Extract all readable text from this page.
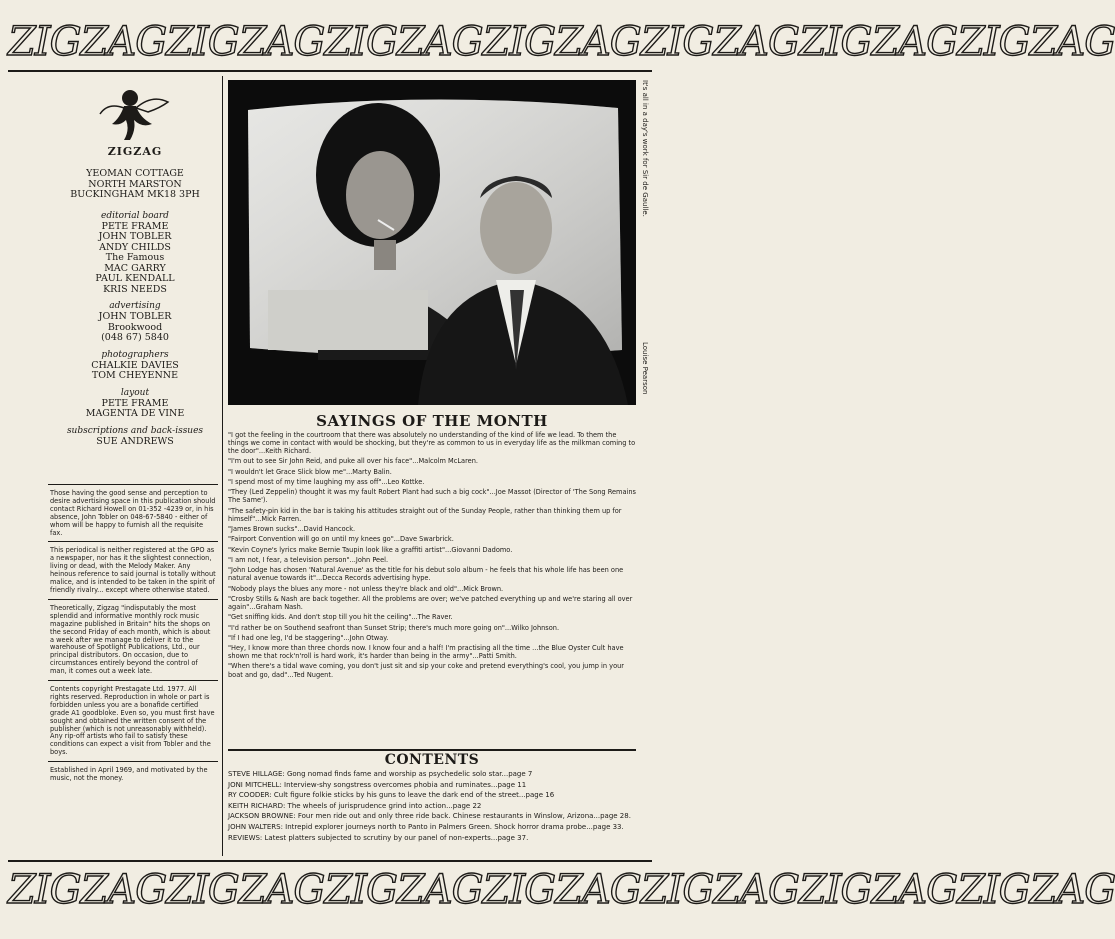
ZIGZAGZIGZAGZIGZAGZIGZAGZIGZAGZIGZAGZIGZAG
ZIGZAG
YEOMAN COTTAGE
NORTH MARSTON
BUCKINGHAM MK18 3PH
editorial board
PETE FRAME
JOHN TOBLER
ANDY CHILDS
The Famous
MAC GARRY
PAUL KENDALL
KRIS NEEDS
advertising
JOHN TOBLER
Brookwood
(048 67) 5840
photographers
CHALKIE DAVIES
TOM CHEYENNE
layout
PETE FRAME
MAGENTA DE VINE
subscriptions and back-issues
SUE ANDREWS
Those having the good sense and perception to desire advertising space in this publication should contact Richard Howell on 01-352 -4239 or, in his absence, John Tobler on 048-67-5840 - either of whom will be happy to furnish all the requisite fax.
This periodical is neither registered at the GPO as a newspaper, nor has it the slightest connection, living or dead, with the Melody Maker. Any heinous reference to said journal is totally without malice, and is intended to be taken in the spirit of friendly rivalry... except where otherwise stated.
Theoretically, Zigzag "indisputably the most splendid and informative monthly rock music magazine published in Britain" hits the shops on the second Friday of each month, which is about a week after we manage to deliver it to the warehouse of Spotlight Publications, Ltd., our principal distributors. On occasion, due to circumstances entirely beyond the control of man, it comes out a week late.
Contents copyright Prestagate Ltd. 1977. All rights reserved. Reproduction in whole or part is forbidden unless you are a bonafide certified grade A1 goodbloke. Even so, you must first have sought and obtained the written consent of the publisher (which is not unreasonably withheld). Any rip-off artists who fail to satisfy these conditions can expect a visit from Tobler and the boys.
Established in April 1969, and motivated by the music, not the money.
It's all in a day's work for Sir de Gaulle.
Louise Pearson
SAYINGS OF THE MONTH

"I got the feeling in the courtroom that there was absolutely no understanding of the kind of life we lead. To them the things we come in contact with would be shocking, but they're as common to us in everyday life as the milkman coming to the door"...Keith Richard.

"I'm out to see Sir John Reid, and puke all over his face"...Malcolm McLaren.

"I wouldn't let Grace Slick blow me"...Marty Balin.

"I spend most of my time laughing my ass off"...Leo Kottke.

"They (Led Zeppelin) thought it was my fault Robert Plant had such a big cock"...Joe Massot (Director of 'The Song Remains The Same').

"The safety-pin kid in the bar is taking his attitudes straight out of the Sunday People, rather than thinking them up for himself"...Mick Farren.

"James Brown sucks"...David Hancock.

"Fairport Convention will go on until my knees go"...Dave Swarbrick.

"Kevin Coyne's lyrics make Bernie Taupin look like a graffiti artist"...Giovanni Dadomo.

"I am not, I fear, a television person"...John Peel.

"John Lodge has chosen 'Natural Avenue' as the title for his debut solo album - he feels that his whole life has been one natural avenue towards it"...Decca Records advertising hype.

"Nobody plays the blues any more - not unless they're black and old"...Mick Brown.

"Crosby Stills & Nash are back together. All the problems are over; we've patched everything up and we're staring all over again"...Graham Nash.

"Get sniffing kids. And don't stop till you hit the ceiling"...The Raver.

"I'd rather be on Southend seafront than Sunset Strip; there's much more going on"...Wilko Johnson.

"If I had one leg, I'd be staggering"...John Otway.

"Hey, I know more than three chords now. I know four and a half! I'm practising all the time ...the Blue Oyster Cult have shown me that rock'n'roll is hard work, it's harder than being in the army"...Patti Smith.

"When there's a tidal wave coming, you don't just sit and sip your coke and pretend everything's cool, you jump in your boat and go, dad"...Ted Nugent.

CONTENTS

STEVE HILLAGE: Gong nomad finds fame and worship as psychedelic solo star...page 7

JONI MITCHELL: Interview-shy songstress overcomes phobia and ruminates...page 11

RY COODER: Cult figure folkie sticks by his guns to leave the dark end of the street...page 16

KEITH RICHARD: The wheels of jurisprudence grind into action...page 22

JACKSON BROWNE: Four men ride out and only three ride back. Chinese restaurants in Winslow, Arizona...page 28.

JOHN WALTERS: Intrepid explorer journeys north to Panto in Palmers Green. Shock horror drama probe...page 33.

REVIEWS: Latest platters subjected to scrutiny by our panel of non-experts...page 37.

ZIGZAGZIGZAGZIGZAGZIGZAGZIGZAGZIGZAGZIGZAG
